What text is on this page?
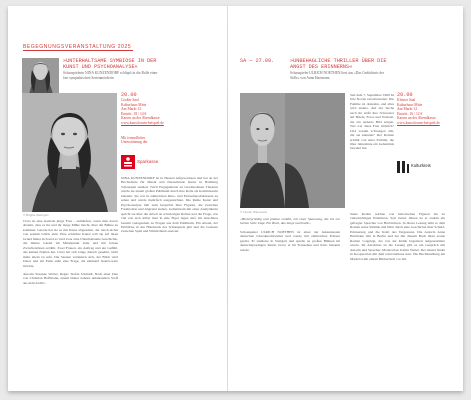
BEGEGNUNGSVERANSTALTUNG 2025
»UNTERHALTSAME SYMBIOSE IN DER KUNST UND PSYCHOANALYSE«
Schauspielerin NINA KUNZENDORF schlüpft in die Rolle einer fast sympathischen Serienmörderin
© Brigitte Wehrgart
20.00
Großer Saal
Kulturhaus Mitte
Am Markt 12
Eintritt: 18 / 14 €
Karten an der Abendkasse
www.kunstforum-beispiel.de
Mit freundlicher Unterstützung der
Sparkasse
Clara ist eine normale junge Frau – zumindest, wenn man davon absieht, dass es ihr und ihr lange Mühe macht, über die Bühne zu kommen. Gerade hat sie es mit Kasse abgesehen, der rauch nichts von seinem Glück ahnt. Eine schlichte Kunst will sie auf ihren Grund hinter sich und es wird zwar eine Unterhaltsame Geschichte, die immer wieder im Mittelpunkt steht und mit feinen Zwischentönen erzählt. Zwei Frauen, ein Auftrag und ein Gefühl, das keinen Namen hat. Clara hat sich lange danach gesehnt, nicht mehr allein zu sein. Die Szenen verändern sich, der Blick wird klarer und am Ende steht eine Frage, die niemand beantworten möchte.
Autorin Susanne Wolter, Regie: Stefan Schmidt. Nach einer Idee von Christian Hoffmann, einem bisher nahezu unbekannten Stoff aus dem Archiv.
NINA KUNZENDORF ist in Hessen aufgewachsen und hat an der Hochschule für Musik und Darstellende Kunst in Hamburg Schauspiel studiert. Nach Engagements an verschiedenen Theatern wurde sie einem großen Publikum durch ihre Rolle als Kommissarin bekannt. Sie war in zahlreichen Kino- und Fernsehproduktionen zu sehen und wurde mehrfach ausgezeichnet. Die Reihe Kunst und Psychoanalyse lädt zum Gespräch über Figuren, die zwischen Faszination und Abgrund stehen. Gemeinsam mit einer Analytikerin spricht sie über die Arbeit an schwierigen Rollen und die Frage, wie viel von sich selbst man in eine Figur legen darf. Im Anschluss besteht Gelegenheit zu Fragen aus dem Publikum. Ein Abend, der Einblicke in das Handwerk des Schauspiels gibt und die Grenzen zwischen Spiel und Wirklichkeit auslotet.
SA — 27.09.	»UNBEHAGLICHE THRILLER ÜBER DIE ANGST DES ERINNERNS«
Schauspieler ULRICH NOETHEN liest aus »Das Gedächtnis der Stille« von Anna Hartmann
© Florian Wiesmann
20.00
Kleiner Saal
Kulturhaus Mitte
Am Markt 12
Eintritt: 16 / 12 €
Karten an der Abendkasse
www.kunstforum-beispiel.de
Kulturkreis
Seit dem 7. September 1969 ist Jule Novak verschwunden. Die Familie ist dreizehn, und alles wird anders. Auf der Suche nach ihr stößt ihre Schwester auf Briefe, Fotos und Notizen, die ein anderes Bild zeigen. Wer war diese Frau wirklich? Und warum schweigen alle, die sie kannten? Der Roman erzählt von einer Familie, die über Jahrzehnte ein Geheimnis bewahrt hat.
»Hintergründig und präzise erzählt, mit einer Spannung, die bis zur letzten Seite trägt. Ein Buch, das lange nachhallt.«
Schauspieler ULRICH NOETHEN ist einer der bekanntesten deutschen Charakterdarsteller und wurde mit zahlreichen Preisen geehrt. Er studierte in Stuttgart und spielte an großen Bühnen im deutschsprachigen Raum, bevor er im Fernsehen und Kino bekannt wurde.
Seine Rollen reichen von historischen Figuren bis zu vielschichtigen Ermittlern. Seit vielen Jahren ist er zudem ein gefragter Sprecher von Hörbüchern. In dieser Lesung leiht er dem Roman seine Stimme und führt durch eine Geschichte über Schuld, Erinnerung und die Kraft des Vergessens. Die Autorin Anna Hartmann lebt in Berlin und hat mit diesem Buch ihren ersten Roman vorgelegt, der von der Kritik begeistert aufgenommen wurde. Im Anschluss an die Lesung gibt es ein Gespräch mit Autorin und Sprecher. Moderation: Katrin Weber. Der Abend findet in Kooperation mit dem Literaturhaus statt. Die Buchhandlung am Markt ist mit einem Büchertisch vor Ort.
